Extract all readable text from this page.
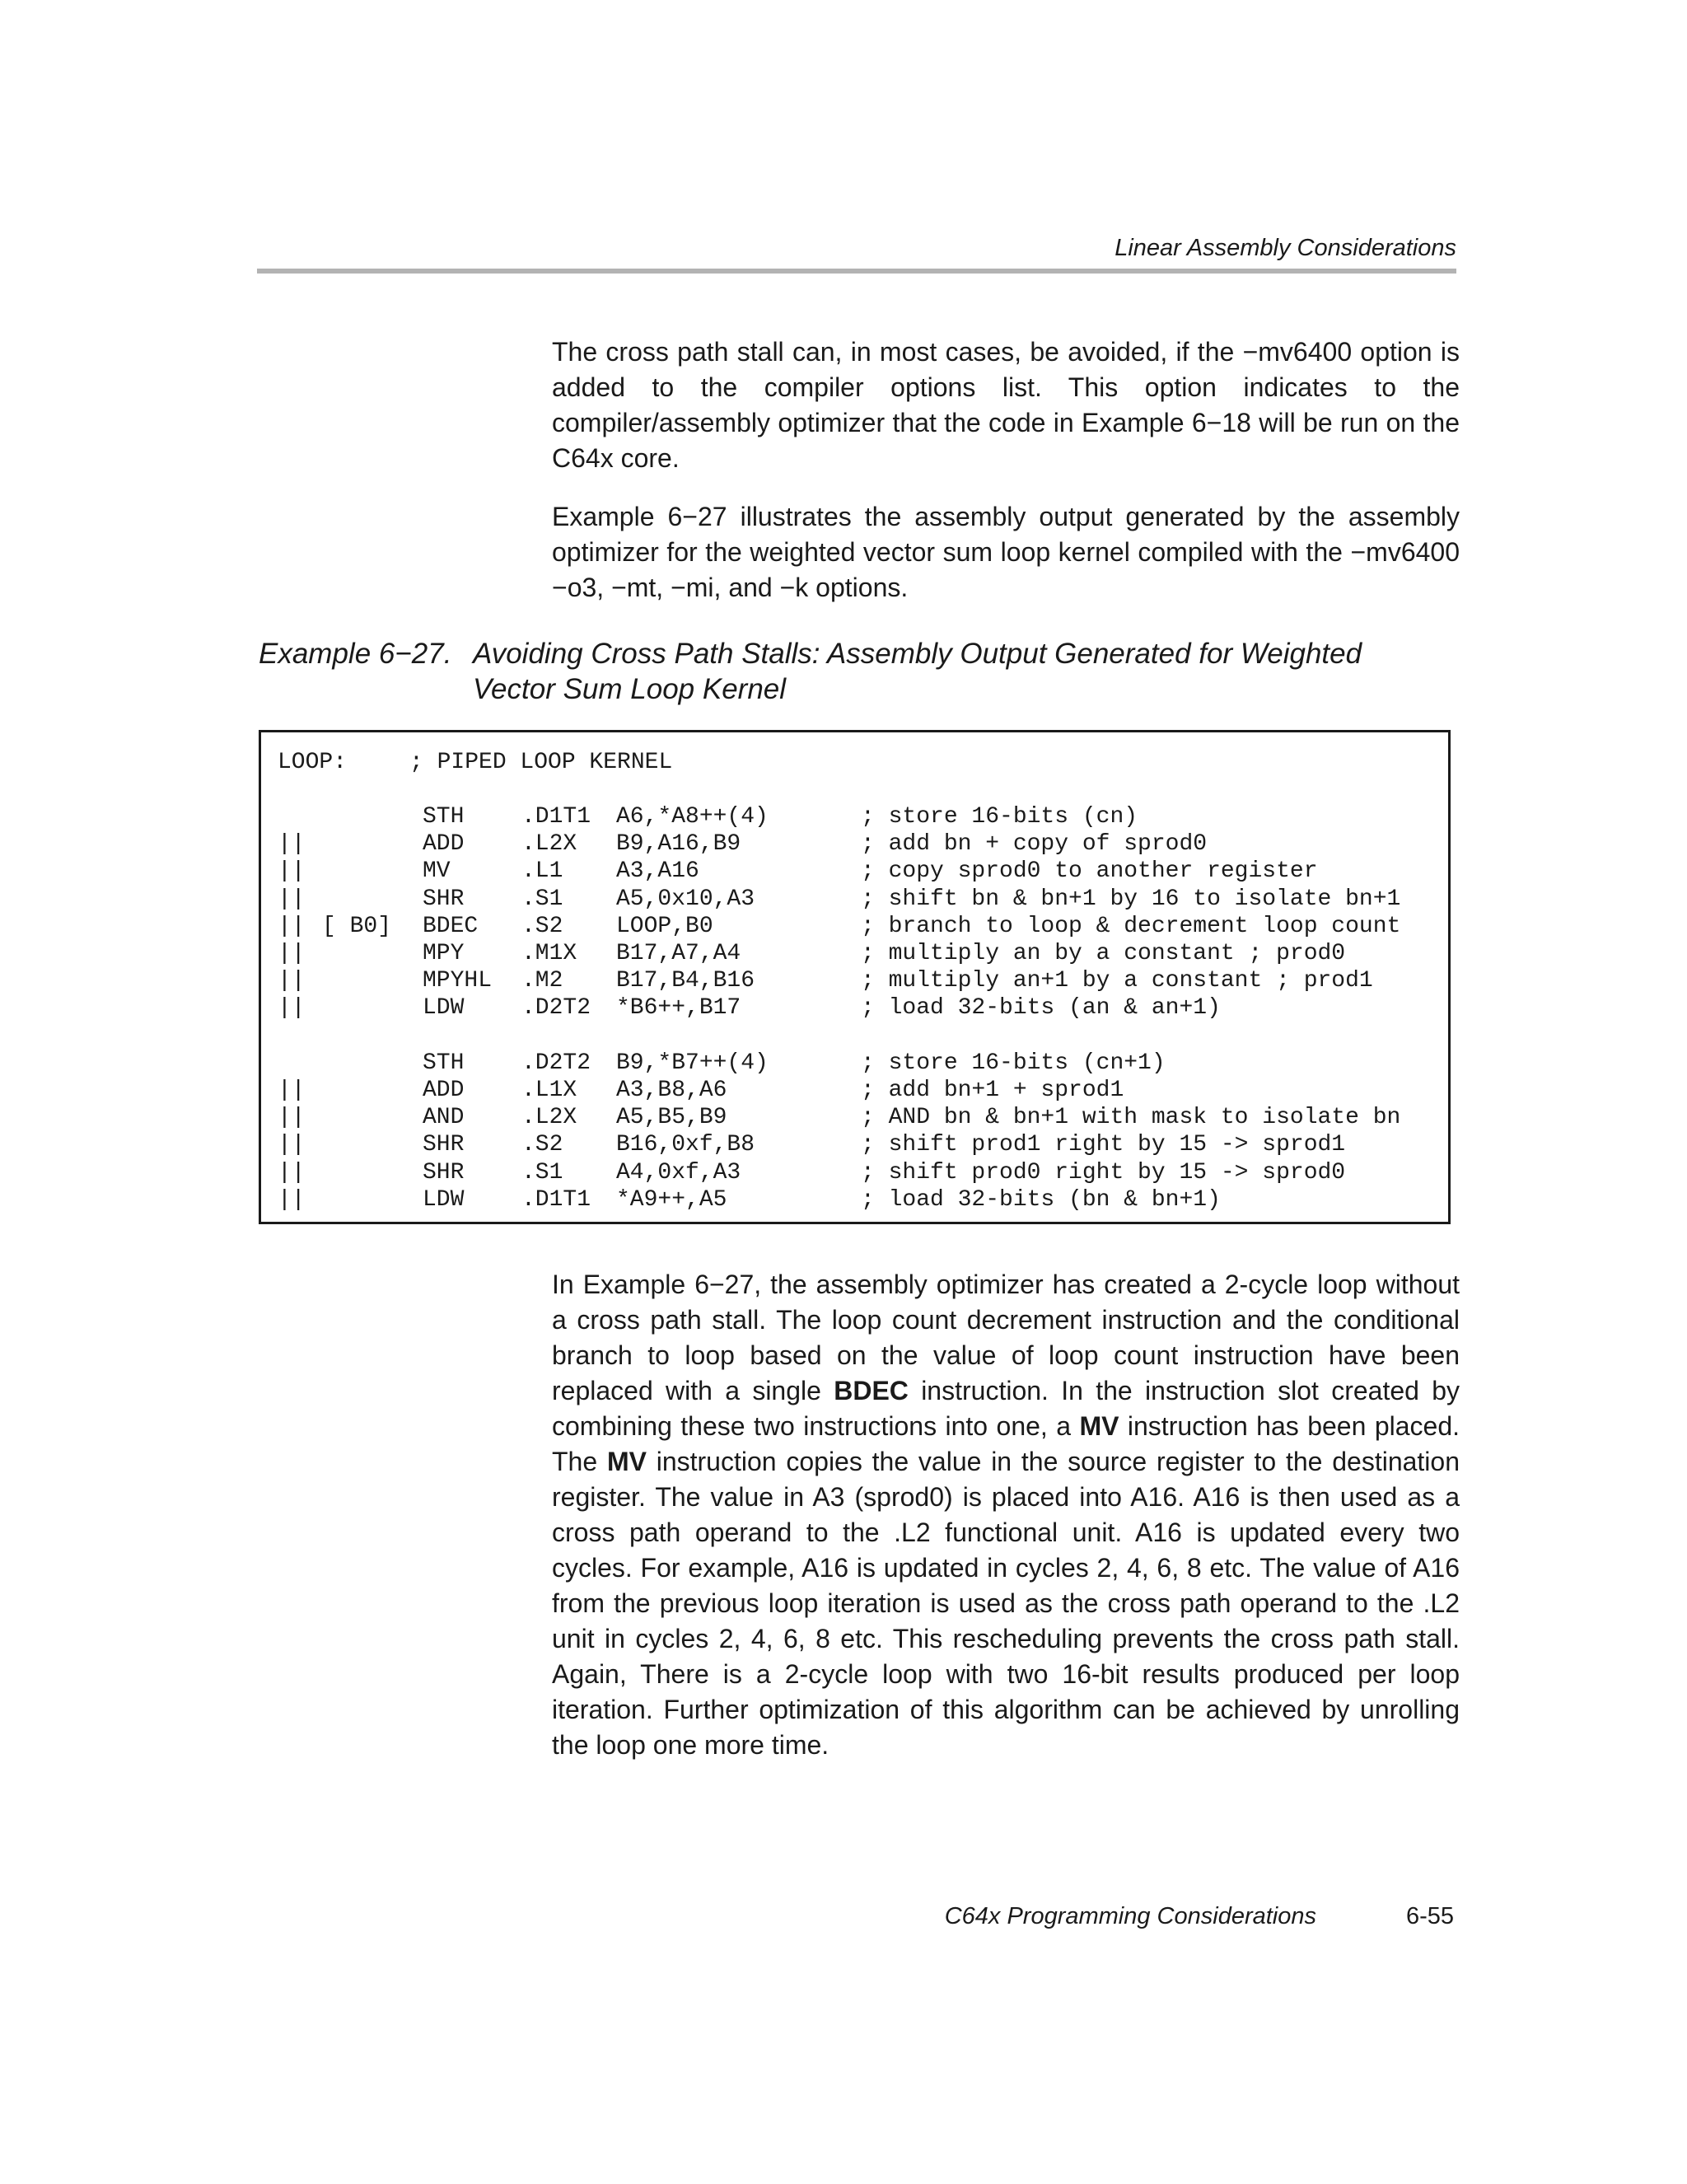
Linear Assembly Considerations

The cross path stall can, in most cases, be avoided, if the −mv6400 option is added to the compiler options list. This option indicates to the compiler/assembly optimizer that the code in Example 6−18 will be run on the C64x core.

Example 6−27 illustrates the assembly output generated by the assembly optimizer for the weighted vector sum loop kernel compiled with the −mv6400 −o3, −mt, −mi, and −k options.

Example 6−27. Avoiding Cross Path Stalls: Assembly Output Generated for Weighted
Vector Sum Loop Kernel
LOOP:	; PIPED LOOP KERNEL
STH .D1T1 A6,*A8++(4)	; store 16-bits (cn)
||	ADD .L2X B9,A16,B9	; add bn + copy of sprod0
||	MV	.L1 A3,A16	; copy sprod0 to another register
||	SHR .S1 A5,0x10,A3	; shift bn & bn+1 by 16 to isolate bn+1
|| [ B0] BDEC .S2 LOOP,B0	; branch to loop & decrement loop count
||	MPY .M1X B17,A7,A4	; multiply an by a constant ; prod0
||	MPYHL .M2 B17,B4,B16	; multiply an+1 by a constant ; prod1
||	LDW .D2T2 *B6++,B17	; load 32-bits (an & an+1)
STH .D2T2 B9,*B7++(4)	; store 16-bits (cn+1)
||	ADD .L1X A3,B8,A6	; add bn+1 + sprod1
||	AND .L2X A5,B5,B9	; AND bn & bn+1 with mask to isolate bn
||	SHR .S2 B16,0xf,B8	; shift prod1 right by 15 -> sprod1
||	SHR .S1 A4,0xf,A3	; shift prod0 right by 15 -> sprod0
||	LDW .D1T1 *A9++,A5	; load 32-bits (bn & bn+1)

In Example 6−27, the assembly optimizer has created a 2-cycle loop without a cross path stall. The loop count decrement instruction and the conditional branch to loop based on the value of loop count instruction have been replaced with a single BDEC instruction. In the instruction slot created by combining these two instructions into one, a MV instruction has been placed. The MV instruction copies the value in the source register to the destination register. The value in A3 (sprod0) is placed into A16. A16 is then used as a cross path operand to the .L2 functional unit. A16 is updated every two cycles. For example, A16 is updated in cycles 2, 4, 6, 8 etc. The value of A16 from the previous loop iteration is used as the cross path operand to the .L2 unit in cycles 2, 4, 6, 8 etc. This rescheduling prevents the cross path stall. Again, There is a 2-cycle loop with two 16-bit results produced per loop iteration. Further optimization of this algorithm can be achieved by unrolling the loop one more time.

C64x Programming Considerations	6-55
